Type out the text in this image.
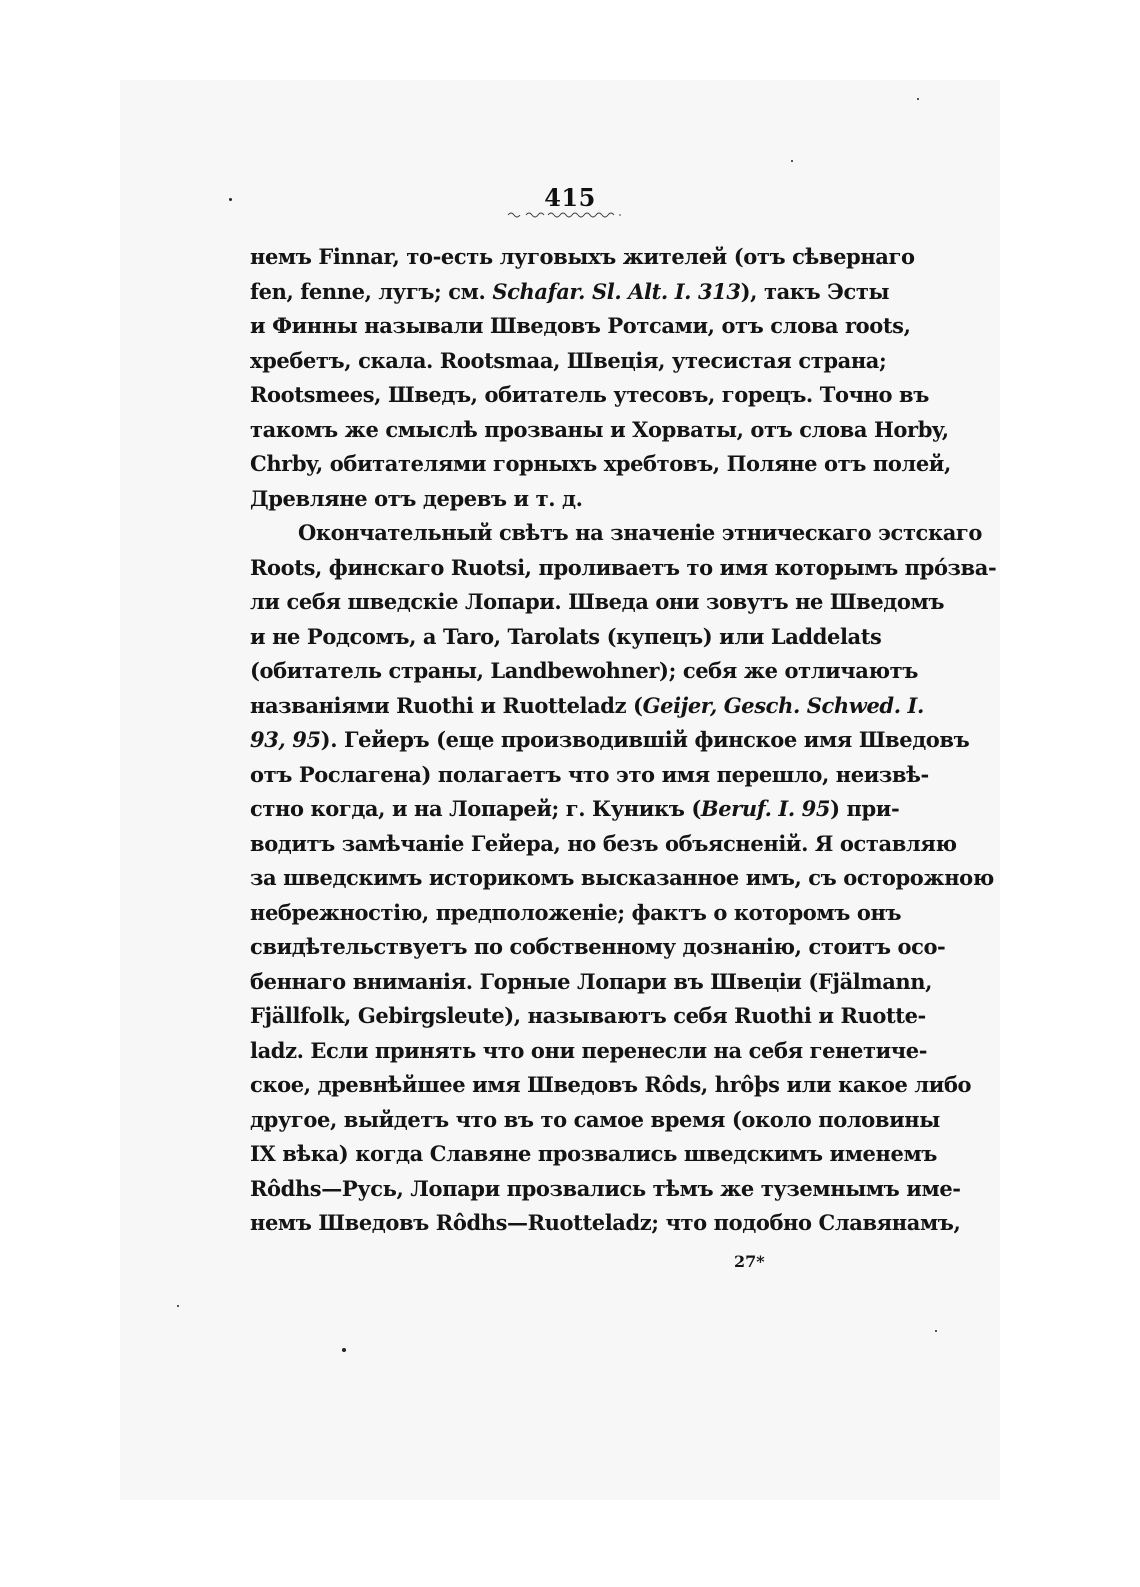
415
немъ Finnar, то-есть луговыхъ жителей (отъ сѣвернаго
fen, fenne, лугъ; см. Schafar. Sl. Alt. I. 313), такъ Эсты
и Финны называли Шведовъ Ротсами, отъ слова roots,
хребетъ, скала. Rootsmaa, Швеція, утесистая страна;
Rootsmees, Шведъ, обитатель утесовъ, горецъ. Точно въ
такомъ же смыслѣ прозваны и Хорваты, отъ слова Horby,
Chrby, обитателями горныхъ хребтовъ, Поляне отъ полей,
Древляне отъ деревъ и т. д.
Окончательный свѣтъ на значеніе этническаго эстскаго
Roots, финскаго Ruotsi, проливаетъ то имя которымъ прóзва-
ли себя шведскіе Лопари. Шведа они зовутъ не Шведомъ
и не Родсомъ, а Taro, Tarolats (купецъ) или Laddelats
(обитатель страны, Landbewohner); себя же отличаютъ
названіями Ruothi и Ruotteladz (Geijer, Gesch. Schwed. I.
93, 95). Гейеръ (еще производившій финское имя Шведовъ
отъ Рослагена) полагаетъ что это имя перешло, неизвѣ-
стно когда, и на Лопарей; г. Куникъ (Beruf. I. 95) при-
водитъ замѣчаніе Гейера, но безъ объясненій. Я оставляю
за шведскимъ историкомъ высказанное имъ, съ осторожною
небрежностію, предположеніе; фактъ о которомъ онъ
свидѣтельствуетъ по собственному дознанію, стоитъ осо-
беннаго вниманія. Горные Лопари въ Швеціи (Fjälmann,
Fjällfolk, Gebirgsleute), называютъ себя Ruothi и Ruotte-
ladz. Если принять что они перенесли на себя генетиче-
ское, древнѣйшее имя Шведовъ Rôds, hrôþs или какое либо
другое, выйдетъ что въ то самое время (около половины
IX вѣка) когда Славяне прозвались шведскимъ именемъ
Rôdhs—Русь, Лопари прозвались тѣмъ же туземнымъ име-
немъ Шведовъ Rôdhs—Ruotteladz; что подобно Славянамъ,
27*
